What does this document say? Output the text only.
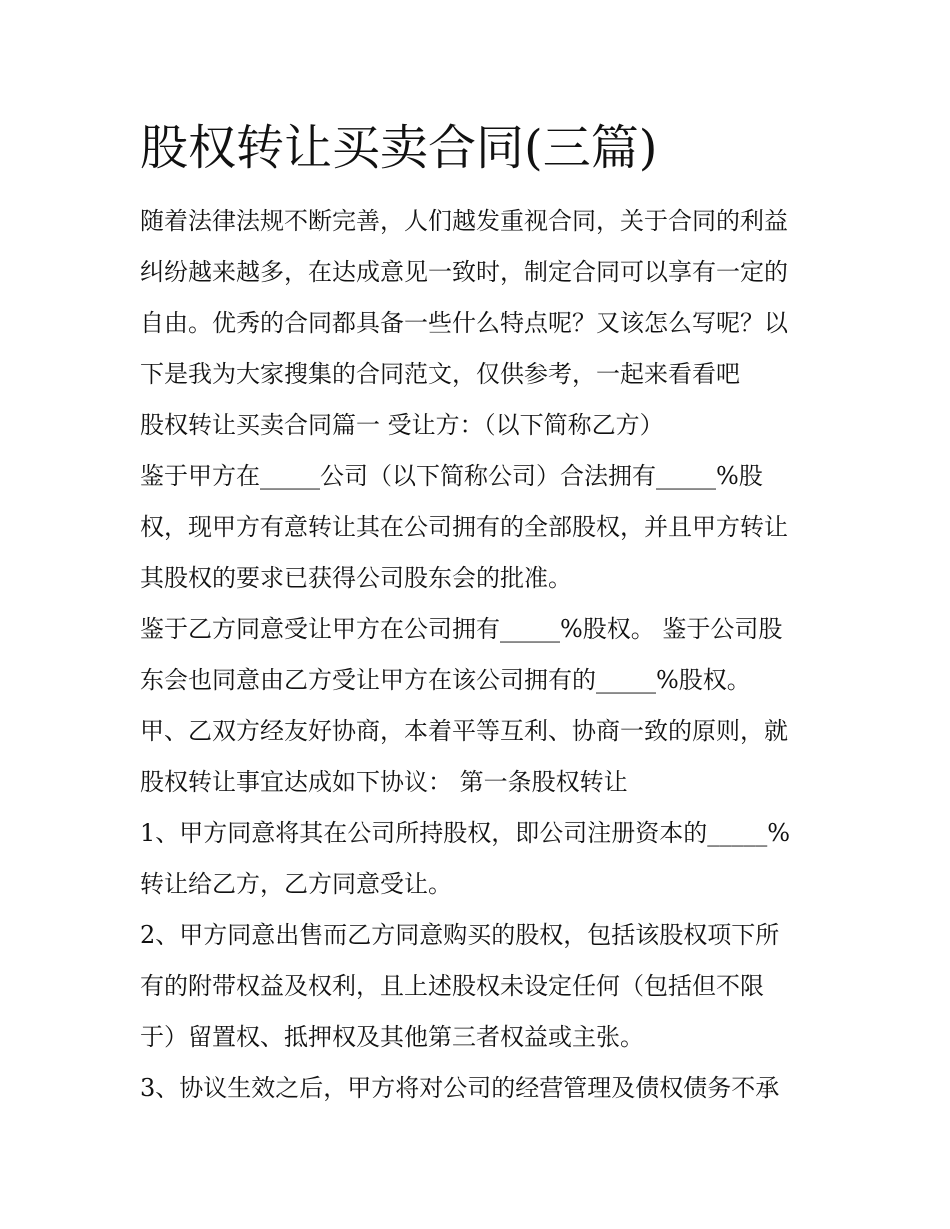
股权转让买卖合同(三篇)
随着法律法规不断完善，人们越发重视合同，关于合同的利益
纠纷越来越多，在达成意见一致时，制定合同可以享有一定的
自由。优秀的合同都具备一些什么特点呢？又该怎么写呢？以
下是我为大家搜集的合同范文，仅供参考，一起来看看吧
股权转让买卖合同篇一 受让方：（以下简称乙方）
鉴于甲方在_____公司（以下简称公司）合法拥有_____%股
权，现甲方有意转让其在公司拥有的全部股权，并且甲方转让
其股权的要求已获得公司股东会的批准。
鉴于乙方同意受让甲方在公司拥有_____%股权。 鉴于公司股
东会也同意由乙方受让甲方在该公司拥有的_____%股权。
甲、乙双方经友好协商，本着平等互利、协商一致的原则，就
股权转让事宜达成如下协议： 第一条股权转让
1、甲方同意将其在公司所持股权，即公司注册资本的_____%
转让给乙方，乙方同意受让。
2、甲方同意出售而乙方同意购买的股权，包括该股权项下所
有的附带权益及权利，且上述股权未设定任何（包括但不限
于）留置权、抵押权及其他第三者权益或主张。
3、协议生效之后，甲方将对公司的经营管理及债权债务不承
